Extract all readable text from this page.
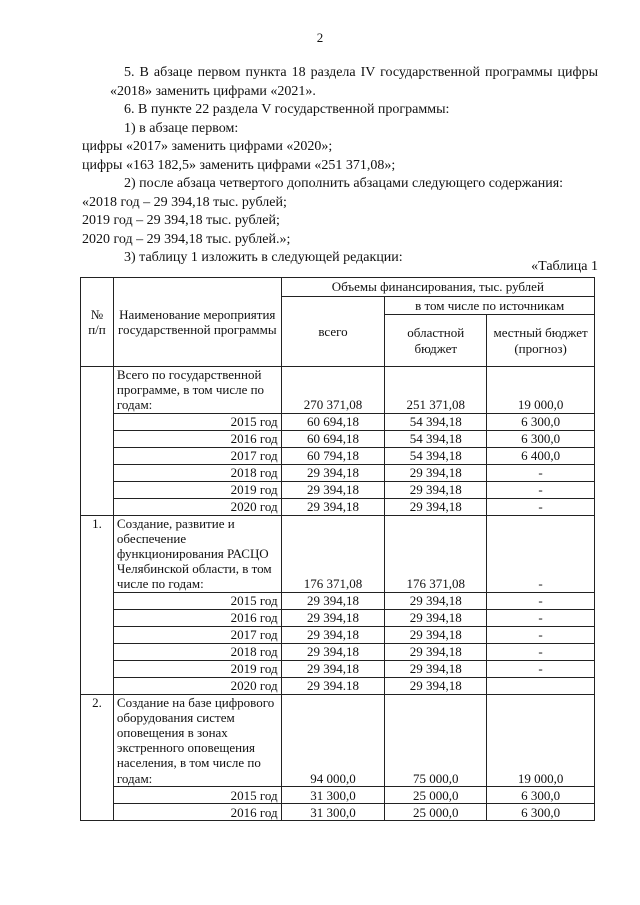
2

5. В абзаце первом пункта 18 раздела IV государственной программы цифры «2018» заменить цифрами «2021».

6. В пункте 22 раздела V государственной программы:

1) в абзаце первом:

цифры «2017» заменить цифрами «2020»;

цифры «163 182,5» заменить цифрами «251 371,08»;

2) после абзаца четвертого дополнить абзацами следующего содержания:

«2018 год – 29 394,18 тыс. рублей;

2019 год – 29 394,18 тыс. рублей;

2020 год – 29 394,18 тыс. рублей.»;

3) таблицу 1 изложить в следующей редакции:

«Таблица 1
№ п/п	Наименование мероприятия государственной программы	Объемы финансирования, тыс. рублей		
		всего	в том числе по источникам	
			областной бюджет	местный бюджет (прогноз)
	Всего по государственной программе, в том числе по годам:	270 371,08	251 371,08	19 000,0
	2015 год	60 694,18	54 394,18	6 300,0
	2016 год	60 694,18	54 394,18	6 300,0
	2017 год	60 794,18	54 394,18	6 400,0
	2018 год	29 394,18	29 394,18	-
	2019 год	29 394,18	29 394,18	-
	2020 год	29 394,18	29 394,18	-
1.	Создание, развитие и обеспечение функционирования РАСЦО Челябинской области, в том числе по годам:	176 371,08	176 371,08	-
	2015 год	29 394,18	29 394,18	-
	2016 год	29 394,18	29 394,18	-
	2017 год	29 394,18	29 394,18	-
	2018 год	29 394,18	29 394,18	-
	2019 год	29 394,18	29 394,18	-
	2020 год	29 394.18	29 394,18	
2.	Создание на базе цифрового оборудования систем оповещения в зонах экстренного оповещения населения, в том числе по годам:	94 000,0	75 000,0	19 000,0
	2015 год	31 300,0	25 000,0	6 300,0
	2016 год	31 300,0	25 000,0	6 300,0
